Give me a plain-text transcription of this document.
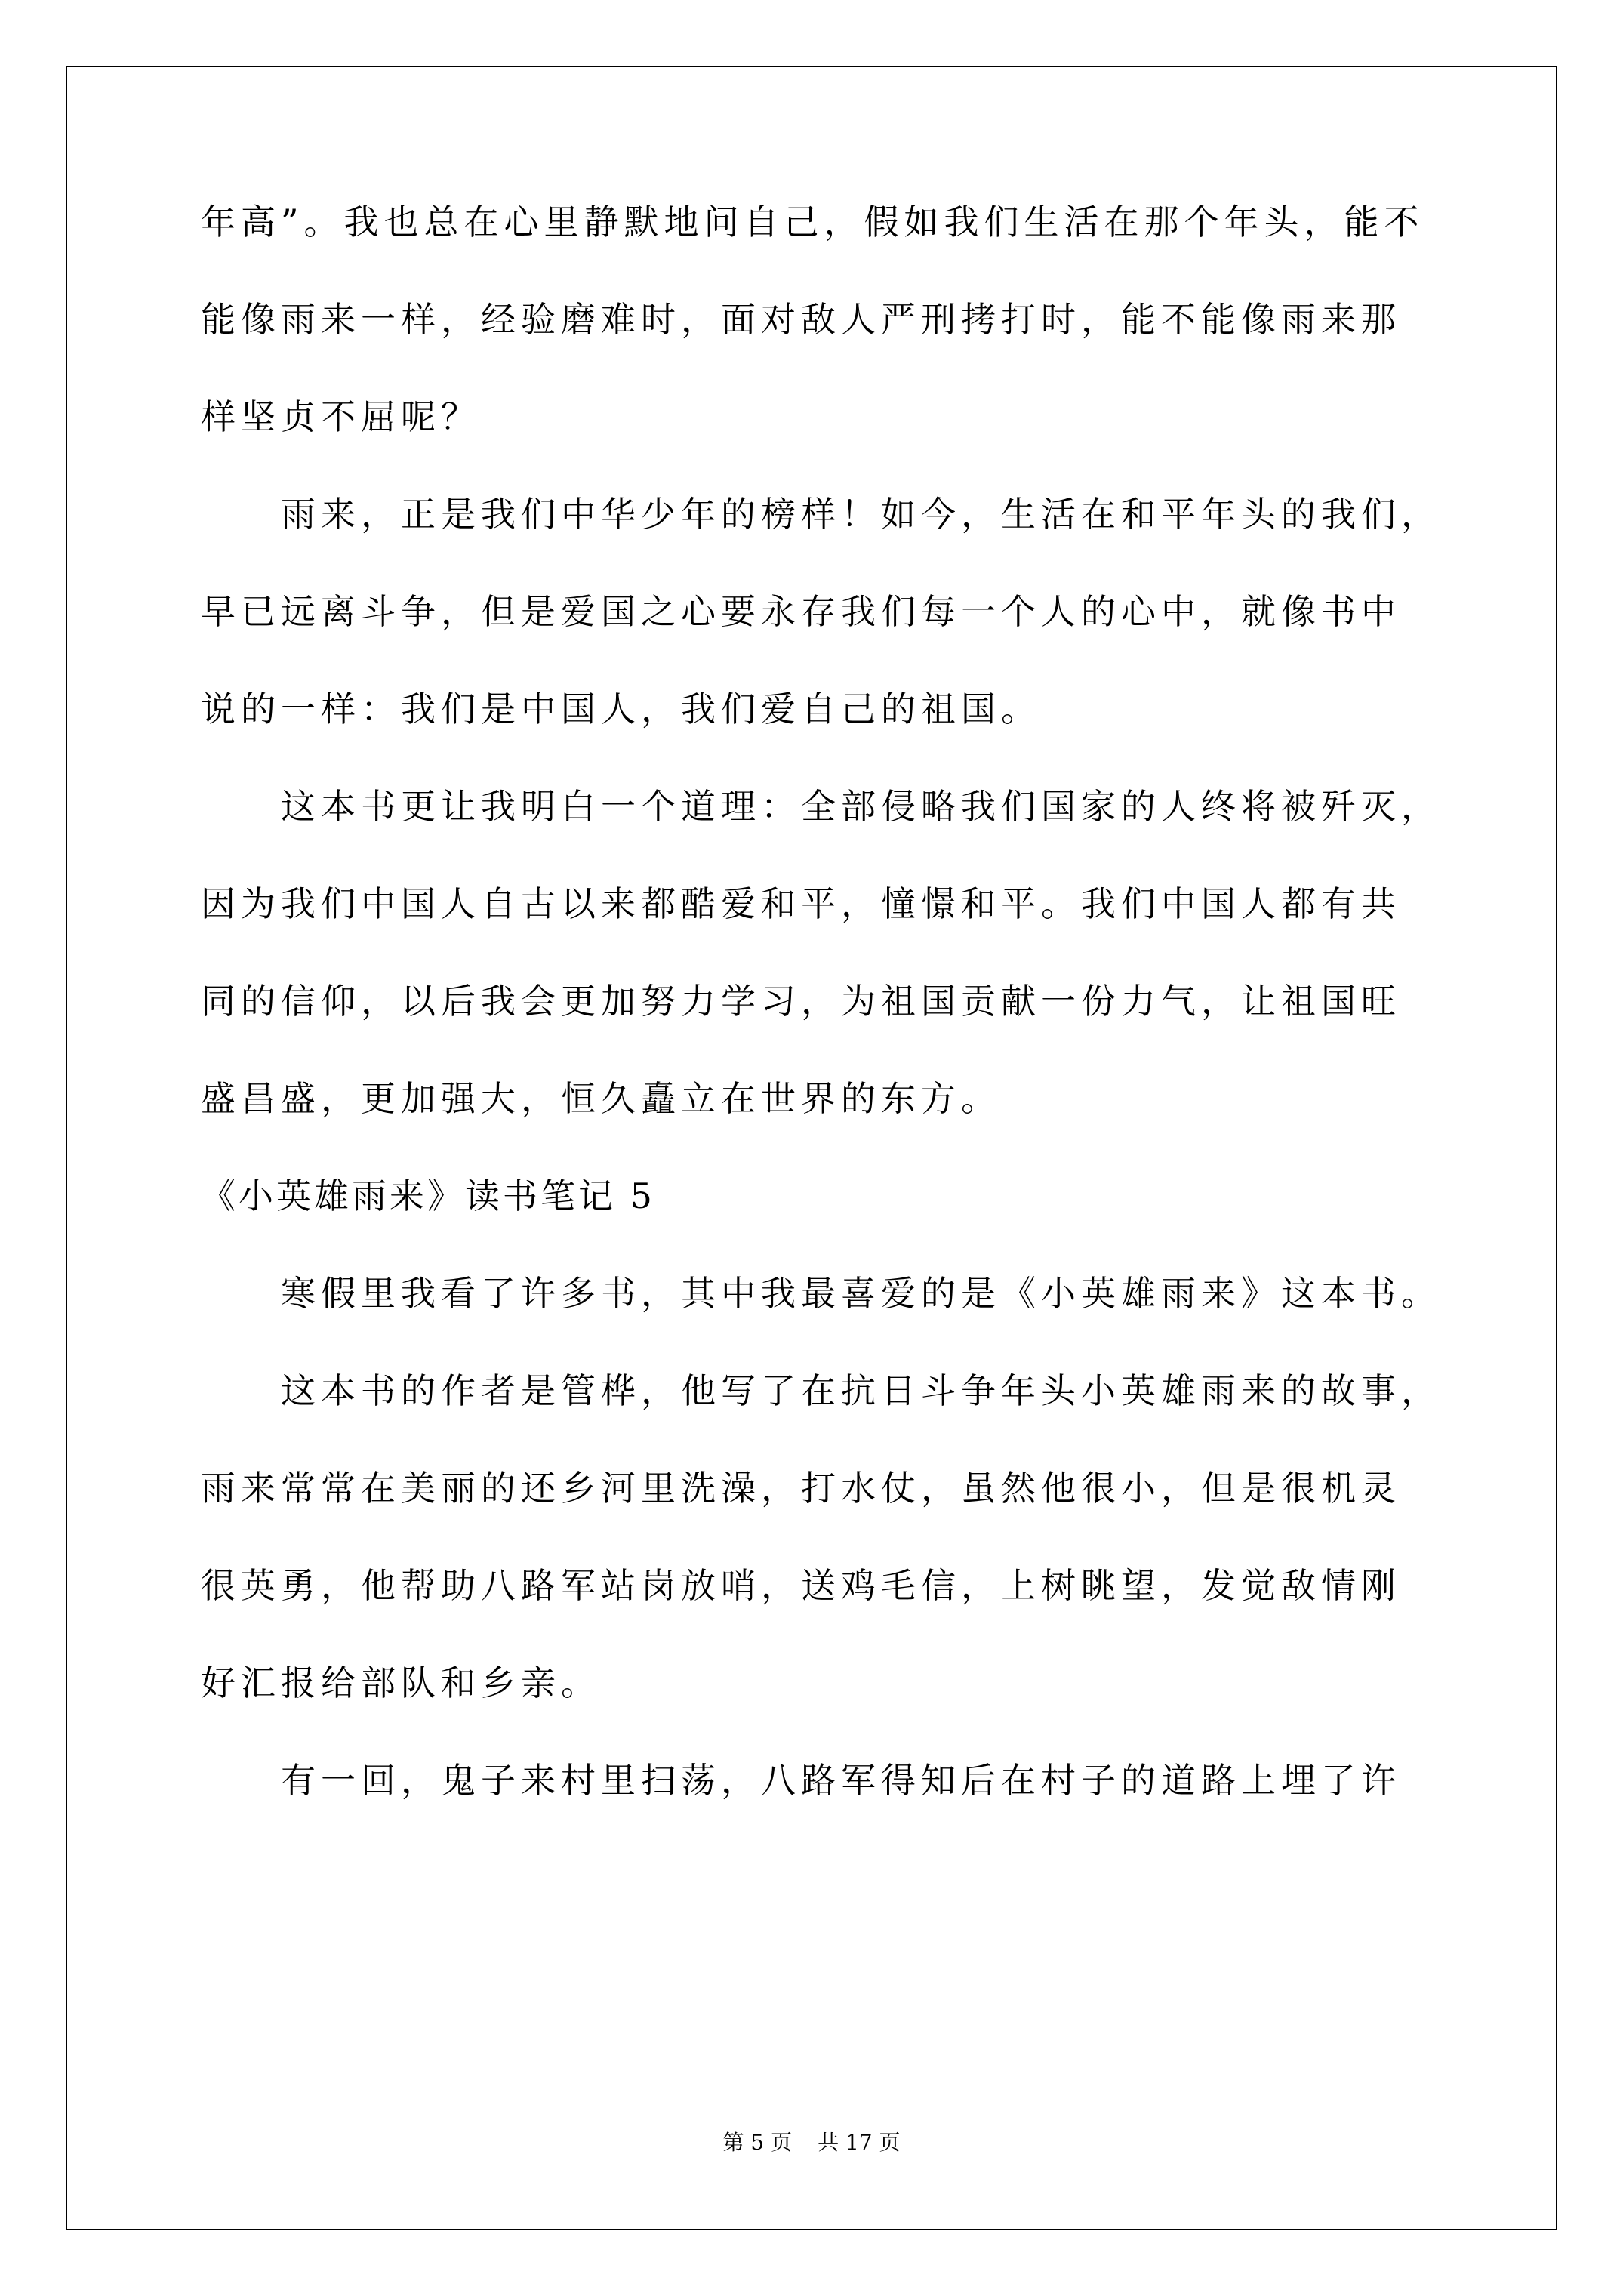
年高”。我也总在心里静默地问自己，假如我们生活在那个年头，能不
能像雨来一样，经验磨难时，面对敌人严刑拷打时，能不能像雨来那
样坚贞不屈呢？
雨来，正是我们中华少年的榜样！如今，生活在和平年头的我们，
早已远离斗争，但是爱国之心要永存我们每一个人的心中，就像书中
说的一样：我们是中国人，我们爱自己的祖国。
这本书更让我明白一个道理：全部侵略我们国家的人终将被歼灭，
因为我们中国人自古以来都酷爱和平，憧憬和平。我们中国人都有共
同的信仰，以后我会更加努力学习，为祖国贡献一份力气，让祖国旺
盛昌盛，更加强大，恒久矗立在世界的东方。
《小英雄雨来》读书笔记 5
寒假里我看了许多书，其中我最喜爱的是《小英雄雨来》这本书。
这本书的作者是管桦，他写了在抗日斗争年头小英雄雨来的故事，
雨来常常在美丽的还乡河里洗澡，打水仗，虽然他很小，但是很机灵
很英勇，他帮助八路军站岗放哨，送鸡毛信，上树眺望，发觉敌情刚
好汇报给部队和乡亲。
有一回，鬼子来村里扫荡，八路军得知后在村子的道路上埋了许
第 5 页 共 17 页
